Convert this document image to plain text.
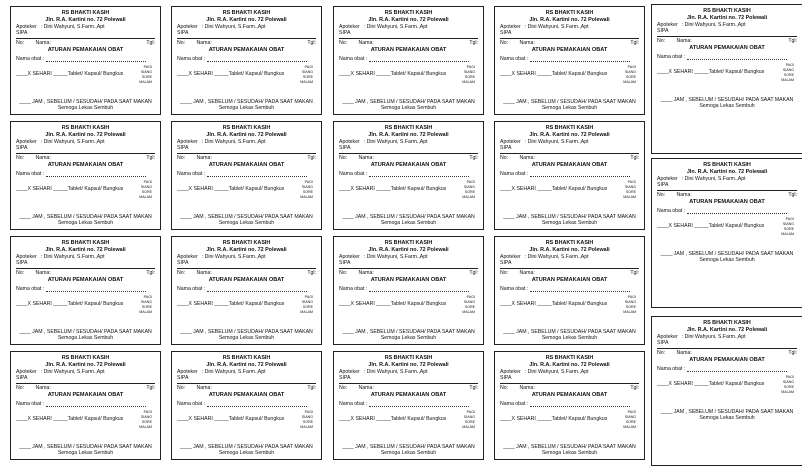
RS BHAKTI KASIH
Jln. R.A. Kartini no. 72 Polewali
Apoteker : Dini Wahyuni, S.Farm.,Apt
SIPA
No: Nama:	Tgl:
ATURAN PEMAKAIAN OBAT
Nama obat :
____X SEHARI _____Tablet/ Kapsul/ Bungkus
PAGI
SIANG
SORE
MALAM
____ JAM , SEBELUM / SESUDAH/ PADA SAAT MAKAN
Semoga Lekas Sembuh
RS BHAKTI KASIH
Jln. R.A. Kartini no. 72 Polewali
Apoteker : Dini Wahyuni, S.Farm.,Apt
SIPA
No: Nama:	Tgl:
ATURAN PEMAKAIAN OBAT
Nama obat :
____X SEHARI _____Tablet/ Kapsul/ Bungkus
PAGI
SIANG
SORE
MALAM
____ JAM , SEBELUM / SESUDAH/ PADA SAAT MAKAN
Semoga Lekas Sembuh
RS BHAKTI KASIH
Jln. R.A. Kartini no. 72 Polewali
Apoteker : Dini Wahyuni, S.Farm.,Apt
SIPA
No: Nama:	Tgl:
ATURAN PEMAKAIAN OBAT
Nama obat :
____X SEHARI _____Tablet/ Kapsul/ Bungkus
PAGI
SIANG
SORE
MALAM
____ JAM , SEBELUM / SESUDAH/ PADA SAAT MAKAN
Semoga Lekas Sembuh
RS BHAKTI KASIH
Jln. R.A. Kartini no. 72 Polewali
Apoteker : Dini Wahyuni, S.Farm.,Apt
SIPA
No: Nama:	Tgl:
ATURAN PEMAKAIAN OBAT
Nama obat :
____X SEHARI _____Tablet/ Kapsul/ Bungkus
PAGI
SIANG
SORE
MALAM
____ JAM , SEBELUM / SESUDAH/ PADA SAAT MAKAN
Semoga Lekas Sembuh
RS BHAKTI KASIH
Jln. R.A. Kartini no. 72 Polewali
Apoteker : Dini Wahyuni, S.Farm.,Apt
SIPA
No: Nama:	Tgl:
ATURAN PEMAKAIAN OBAT
Nama obat :
____X SEHARI _____Tablet/ Kapsul/ Bungkus
PAGI
SIANG
SORE
MALAM
____ JAM , SEBELUM / SESUDAH/ PADA SAAT MAKAN
Semoga Lekas Sembuh
RS BHAKTI KASIH
Jln. R.A. Kartini no. 72 Polewali
Apoteker : Dini Wahyuni, S.Farm.,Apt
SIPA
No: Nama:	Tgl:
ATURAN PEMAKAIAN OBAT
Nama obat :
____X SEHARI _____Tablet/ Kapsul/ Bungkus
PAGI
SIANG
SORE
MALAM
____ JAM , SEBELUM / SESUDAH/ PADA SAAT MAKAN
Semoga Lekas Sembuh
RS BHAKTI KASIH
Jln. R.A. Kartini no. 72 Polewali
Apoteker : Dini Wahyuni, S.Farm.,Apt
SIPA
No: Nama:	Tgl:
ATURAN PEMAKAIAN OBAT
Nama obat :
____X SEHARI _____Tablet/ Kapsul/ Bungkus
PAGI
SIANG
SORE
MALAM
____ JAM , SEBELUM / SESUDAH/ PADA SAAT MAKAN
Semoga Lekas Sembuh
RS BHAKTI KASIH
Jln. R.A. Kartini no. 72 Polewali
Apoteker : Dini Wahyuni, S.Farm.,Apt
SIPA
No: Nama:	Tgl:
ATURAN PEMAKAIAN OBAT
Nama obat :
____X SEHARI _____Tablet/ Kapsul/ Bungkus
PAGI
SIANG
SORE
MALAM
____ JAM , SEBELUM / SESUDAH/ PADA SAAT MAKAN
Semoga Lekas Sembuh
RS BHAKTI KASIH
Jln. R.A. Kartini no. 72 Polewali
Apoteker : Dini Wahyuni, S.Farm.,Apt
SIPA
No: Nama:	Tgl:
ATURAN PEMAKAIAN OBAT
Nama obat :
____X SEHARI _____Tablet/ Kapsul/ Bungkus
PAGI
SIANG
SORE
MALAM
____ JAM , SEBELUM / SESUDAH/ PADA SAAT MAKAN
Semoga Lekas Sembuh
RS BHAKTI KASIH
Jln. R.A. Kartini no. 72 Polewali
Apoteker : Dini Wahyuni, S.Farm.,Apt
SIPA
No: Nama:	Tgl:
ATURAN PEMAKAIAN OBAT
Nama obat :
____X SEHARI _____Tablet/ Kapsul/ Bungkus
PAGI
SIANG
SORE
MALAM
____ JAM , SEBELUM / SESUDAH/ PADA SAAT MAKAN
Semoga Lekas Sembuh
RS BHAKTI KASIH
Jln. R.A. Kartini no. 72 Polewali
Apoteker : Dini Wahyuni, S.Farm.,Apt
SIPA
No: Nama:	Tgl:
ATURAN PEMAKAIAN OBAT
Nama obat :
____X SEHARI _____Tablet/ Kapsul/ Bungkus
PAGI
SIANG
SORE
MALAM
____ JAM , SEBELUM / SESUDAH/ PADA SAAT MAKAN
Semoga Lekas Sembuh
RS BHAKTI KASIH
Jln. R.A. Kartini no. 72 Polewali
Apoteker : Dini Wahyuni, S.Farm.,Apt
SIPA
No: Nama:	Tgl:
ATURAN PEMAKAIAN OBAT
Nama obat :
____X SEHARI _____Tablet/ Kapsul/ Bungkus
PAGI
SIANG
SORE
MALAM
____ JAM , SEBELUM / SESUDAH/ PADA SAAT MAKAN
Semoga Lekas Sembuh
RS BHAKTI KASIH
Jln. R.A. Kartini no. 72 Polewali
Apoteker : Dini Wahyuni, S.Farm.,Apt
SIPA
No: Nama:	Tgl:
ATURAN PEMAKAIAN OBAT
Nama obat :
____X SEHARI _____Tablet/ Kapsul/ Bungkus
PAGI
SIANG
SORE
MALAM
____ JAM , SEBELUM / SESUDAH/ PADA SAAT MAKAN
Semoga Lekas Sembuh
RS BHAKTI KASIH
Jln. R.A. Kartini no. 72 Polewali
Apoteker : Dini Wahyuni, S.Farm.,Apt
SIPA
No: Nama:	Tgl:
ATURAN PEMAKAIAN OBAT
Nama obat :
____X SEHARI _____Tablet/ Kapsul/ Bungkus
PAGI
SIANG
SORE
MALAM
____ JAM , SEBELUM / SESUDAH/ PADA SAAT MAKAN
Semoga Lekas Sembuh
RS BHAKTI KASIH
Jln. R.A. Kartini no. 72 Polewali
Apoteker : Dini Wahyuni, S.Farm.,Apt
SIPA
No: Nama:	Tgl:
ATURAN PEMAKAIAN OBAT
Nama obat :
____X SEHARI _____Tablet/ Kapsul/ Bungkus
PAGI
SIANG
SORE
MALAM
____ JAM , SEBELUM / SESUDAH/ PADA SAAT MAKAN
Semoga Lekas Sembuh
RS BHAKTI KASIH
Jln. R.A. Kartini no. 72 Polewali
Apoteker : Dini Wahyuni, S.Farm.,Apt
SIPA
No: Nama:	Tgl:
ATURAN PEMAKAIAN OBAT
Nama obat :
____X SEHARI _____Tablet/ Kapsul/ Bungkus
PAGI
SIANG
SORE
MALAM
____ JAM , SEBELUM / SESUDAH/ PADA SAAT MAKAN
Semoga Lekas Sembuh
RS BHAKTI KASIH
Jln. R.A. Kartini no. 72 Polewali
Apoteker : Dini Wahyuni, S.Farm.,Apt
SIPA
No: Nama:	Tgl:
ATURAN PEMAKAIAN OBAT
Nama obat :
____X SEHARI _____Tablet/ Kapsul/ Bungkus
PAGI
SIANG
SORE
MALAM
____ JAM , SEBELUM / SESUDAH/ PADA SAAT MAKAN
Semoga Lekas Sembuh
RS BHAKTI KASIH
Jln. R.A. Kartini no. 72 Polewali
Apoteker : Dini Wahyuni, S.Farm.,Apt
SIPA
No: Nama:	Tgl:
ATURAN PEMAKAIAN OBAT
Nama obat :
____X SEHARI _____Tablet/ Kapsul/ Bungkus
PAGI
SIANG
SORE
MALAM
____ JAM , SEBELUM / SESUDAH/ PADA SAAT MAKAN
Semoga Lekas Sembuh
RS BHAKTI KASIH
Jln. R.A. Kartini no. 72 Polewali
Apoteker : Dini Wahyuni, S.Farm.,Apt
SIPA
No: Nama:	Tgl:
ATURAN PEMAKAIAN OBAT
Nama obat :
____X SEHARI _____Tablet/ Kapsul/ Bungkus
PAGI
SIANG
SORE
MALAM
____ JAM , SEBELUM / SESUDAH/ PADA SAAT MAKAN
Semoga Lekas Sembuh
